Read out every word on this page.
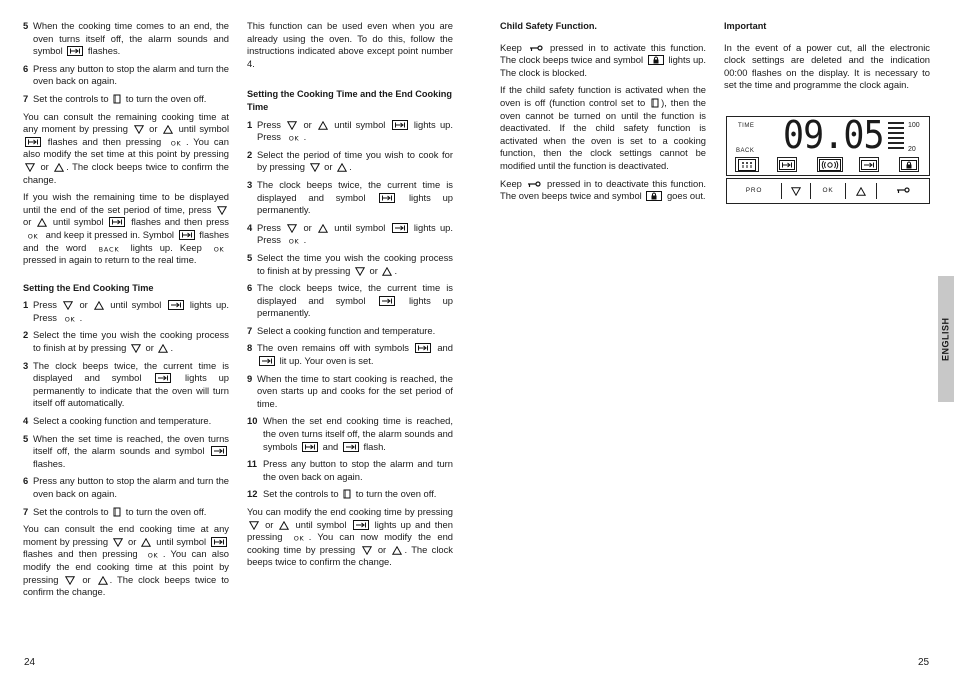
5 When the cooking time comes to an end, the oven turns itself off, the alarm sounds and symbol	flashes.
6 Press any button to stop the alarm and turn the oven back on again.
7 Set the controls to to turn the oven off.

You can consult the remaining cooking time at any moment by pressing or until symbol
flashes and then pressing	. You can also modify the set time at this point by pressing
or . The clock beeps twice to confirm the change.

If you wish the remaining time to be displayed until the end of the set period of time, press
or until symbol	flashes and then press
and keep it pressed in. Symbol	flashes and the word	lights up. Keep
pressed in again to return to the real time.

Setting the End Cooking Time
1 Press or until symbol	lights up. Press .
2 Select the time you wish the cooking process to finish at by pressing or .
3 The clock beeps twice, the current time is displayed and symbol	lights up permanently to indicate that the oven will turn itself off automatically.
4 Select a cooking function and temperature.
5 When the set time is reached, the oven turns itself off, the alarm sounds and symbol
flashes.
6 Press any button to stop the alarm and turn the oven back on again.
7 Set the controls to to turn the oven off.

You can consult the end cooking time at any moment by pressing or until symbol
flashes and then pressing	. You can also modify the end cooking time at this point by pressing	or . The clock beeps twice to confirm the change.

This function can be used even when you are already using the oven. To do this, follow the instructions indicated above except point number 4.

Setting the Cooking Time and the End Cooking Time
1 Press or until symbol	lights up. Press .
2 Select the period of time you wish to cook for by pressing or .
3 The clock beeps twice, the current time is displayed and symbol	lights up permanently.
4 Press or until symbol	lights up. Press .
5 Select the time you wish the cooking process to finish at by pressing or .
6 The clock beeps twice, the current time is displayed and symbol	lights up permanently.
7 Select a cooking function and temperature.
8 The oven remains off with symbols	and
lit up. Your oven is set.
9 When the time to start cooking is reached, the oven starts up and cooks for the set period of time.
10 When the set end cooking time is reached, the oven turns itself off, the alarm sounds and symbols	and	flash.
11 Press any button to stop the alarm and turn the oven back on again.
12 Set the controls to to turn the oven off.

You can modify the end cooking time by pressing
or until symbol	lights up and then pressing	. You can now modify the end cooking time by pressing or . The clock beeps twice to confirm the change.

Child Safety Function.

Keep	pressed in to activate this function. The clock beeps twice and symbol	lights up. The clock is blocked.

If the child safety function is activated when the oven is off (function control set to ), then the oven cannot be turned on until the function is deactivated. If the child safety function is activated when the oven is set to a cooking function, then the clock settings cannot be modified until the function is deactivated.

Keep	pressed in to deactivate this function. The oven beeps twice and symbol	goes out.

Important

In the event of a power cut, all the electronic clock settings are deleted and the indication 00:00 flashes on the display. It is necessary to set the time and programme the clock again.

TIME
BACK 09.05	100
20
PRO	OK
24	25
ENGLISH
